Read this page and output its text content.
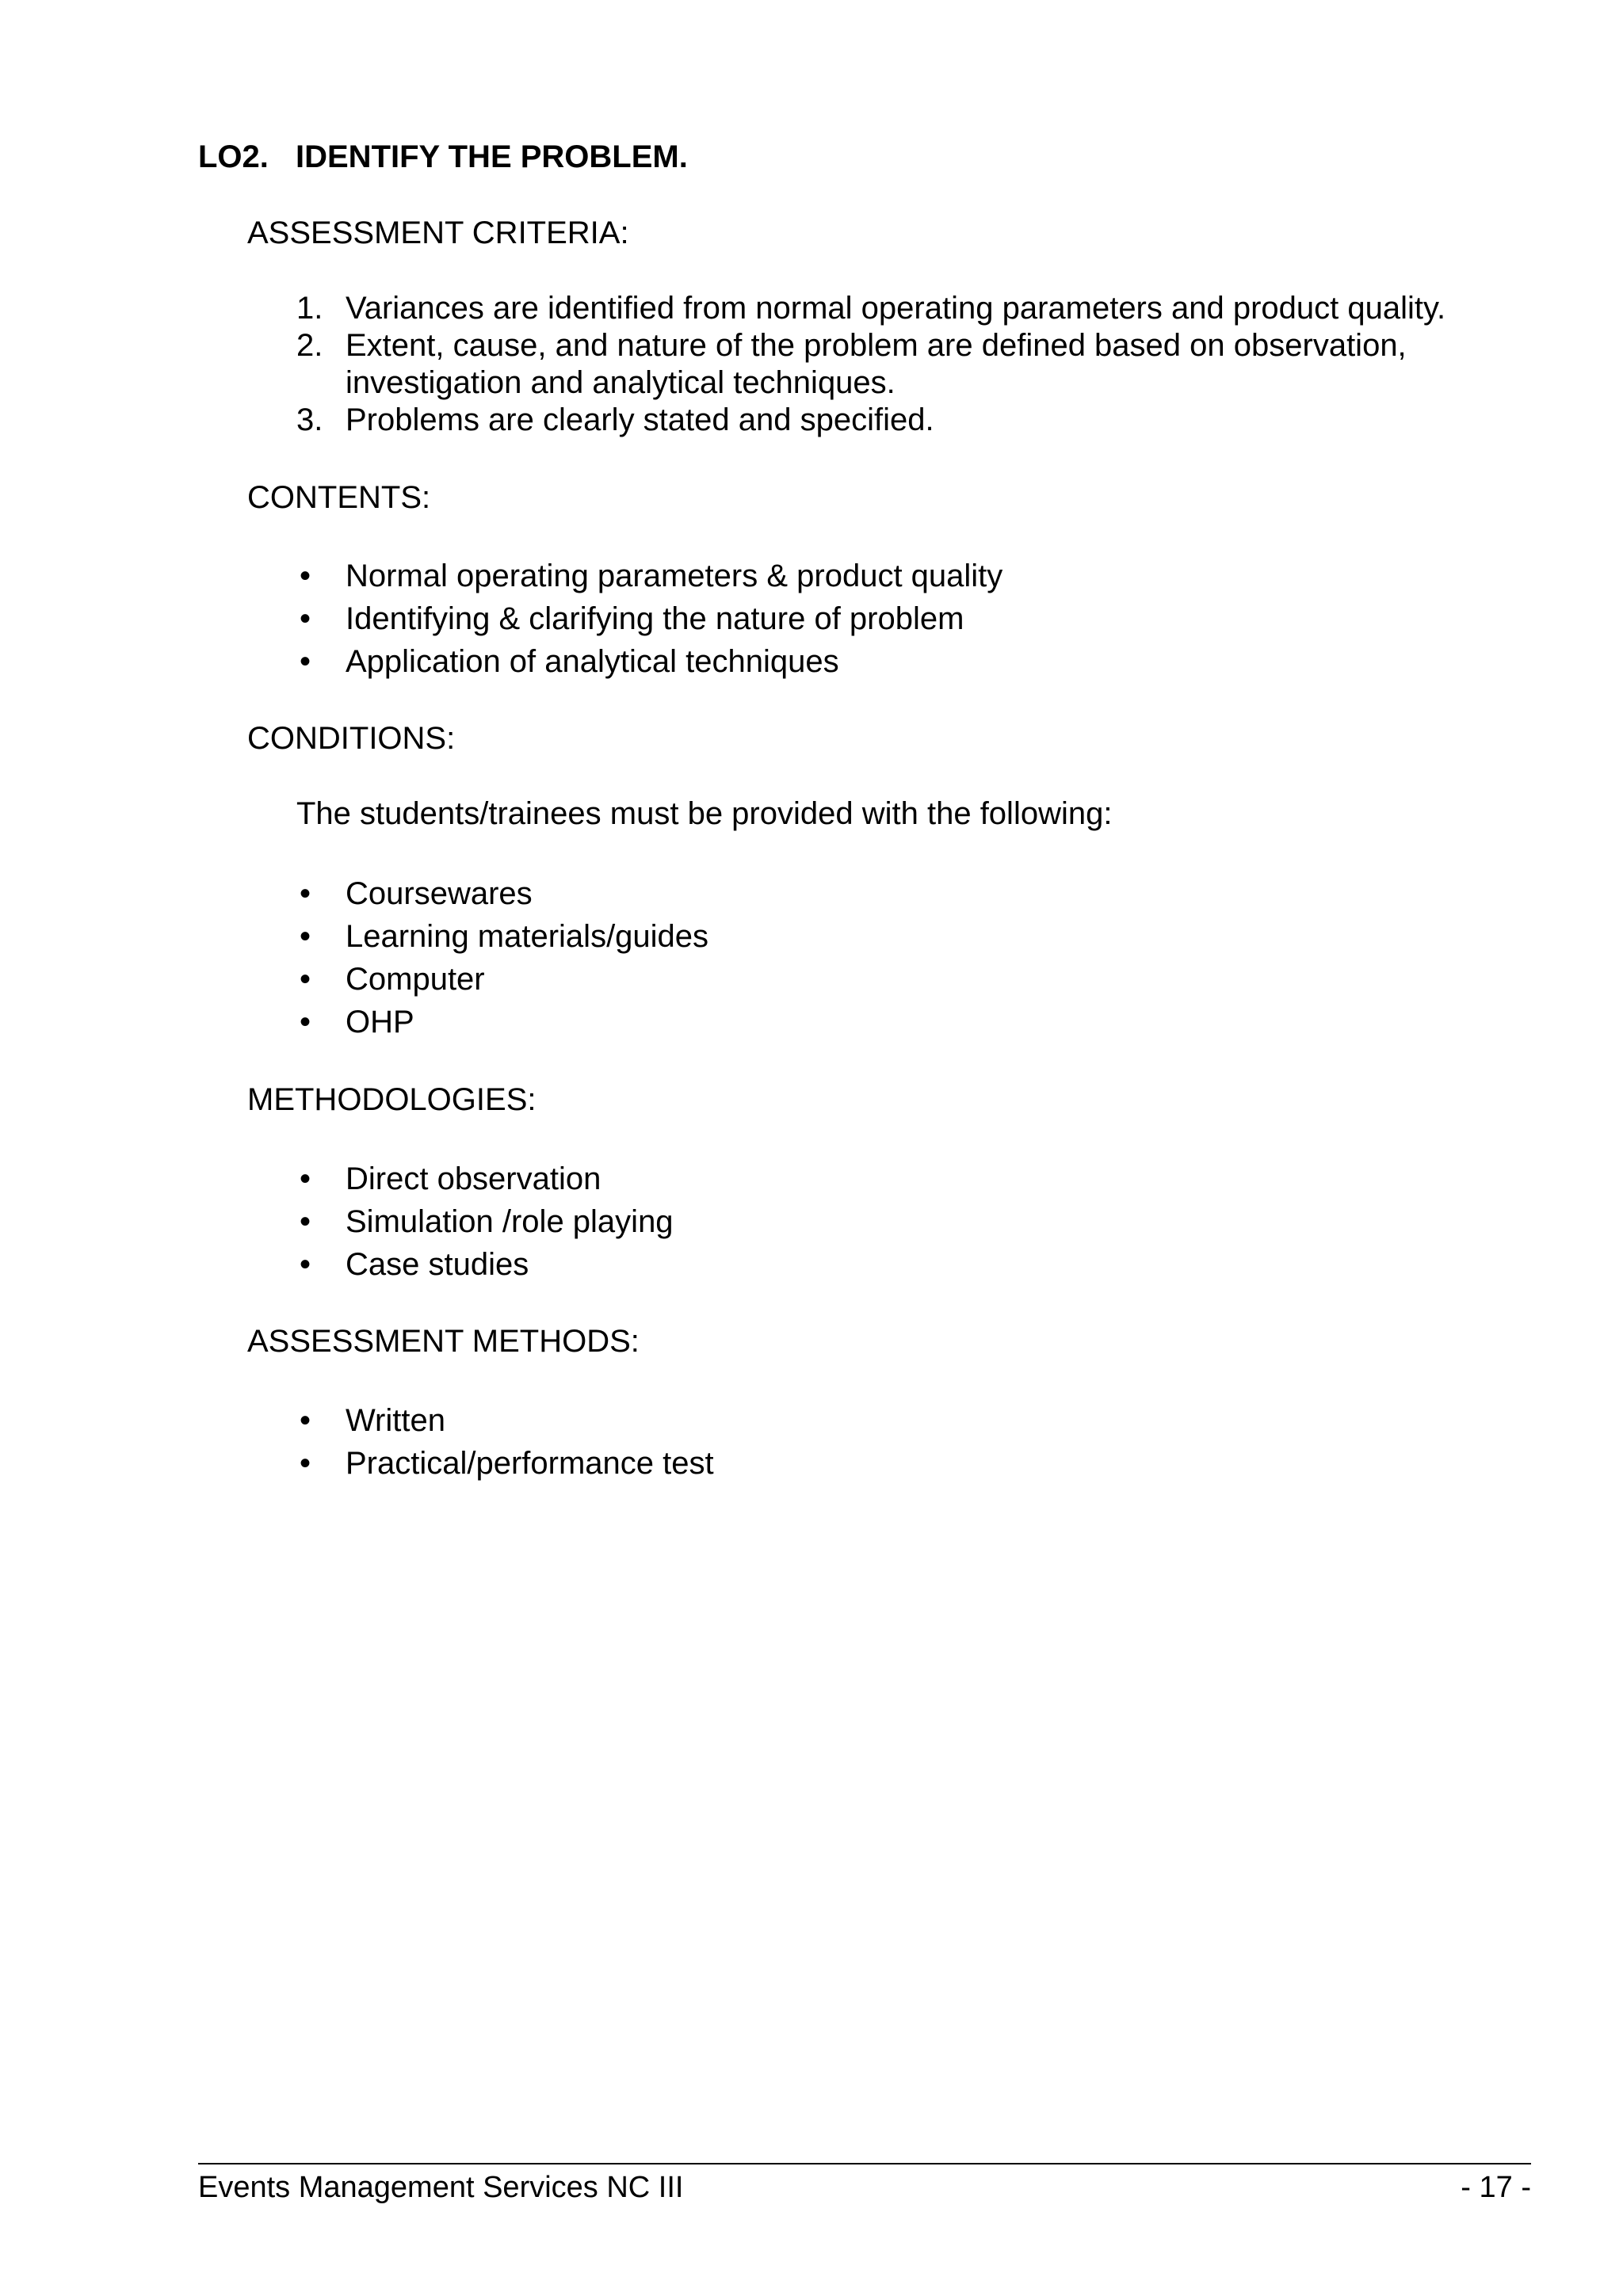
LO2. IDENTIFY THE PROBLEM.
ASSESSMENT CRITERIA:
1. Variances are identified from normal operating parameters and product quality.
2. Extent, cause, and nature of the problem are defined based on observation, investigation and analytical techniques.
3. Problems are clearly stated and specified.
CONTENTS:
• Normal operating parameters & product quality
• Identifying & clarifying the nature of problem
• Application of analytical techniques
CONDITIONS:
The students/trainees must be provided with the following:
• Coursewares
• Learning materials/guides
• Computer
• OHP
METHODOLOGIES:
• Direct observation
• Simulation /role playing
• Case studies
ASSESSMENT METHODS:
• Written
• Practical/performance test
Events Management Services NC III	- 17 -
